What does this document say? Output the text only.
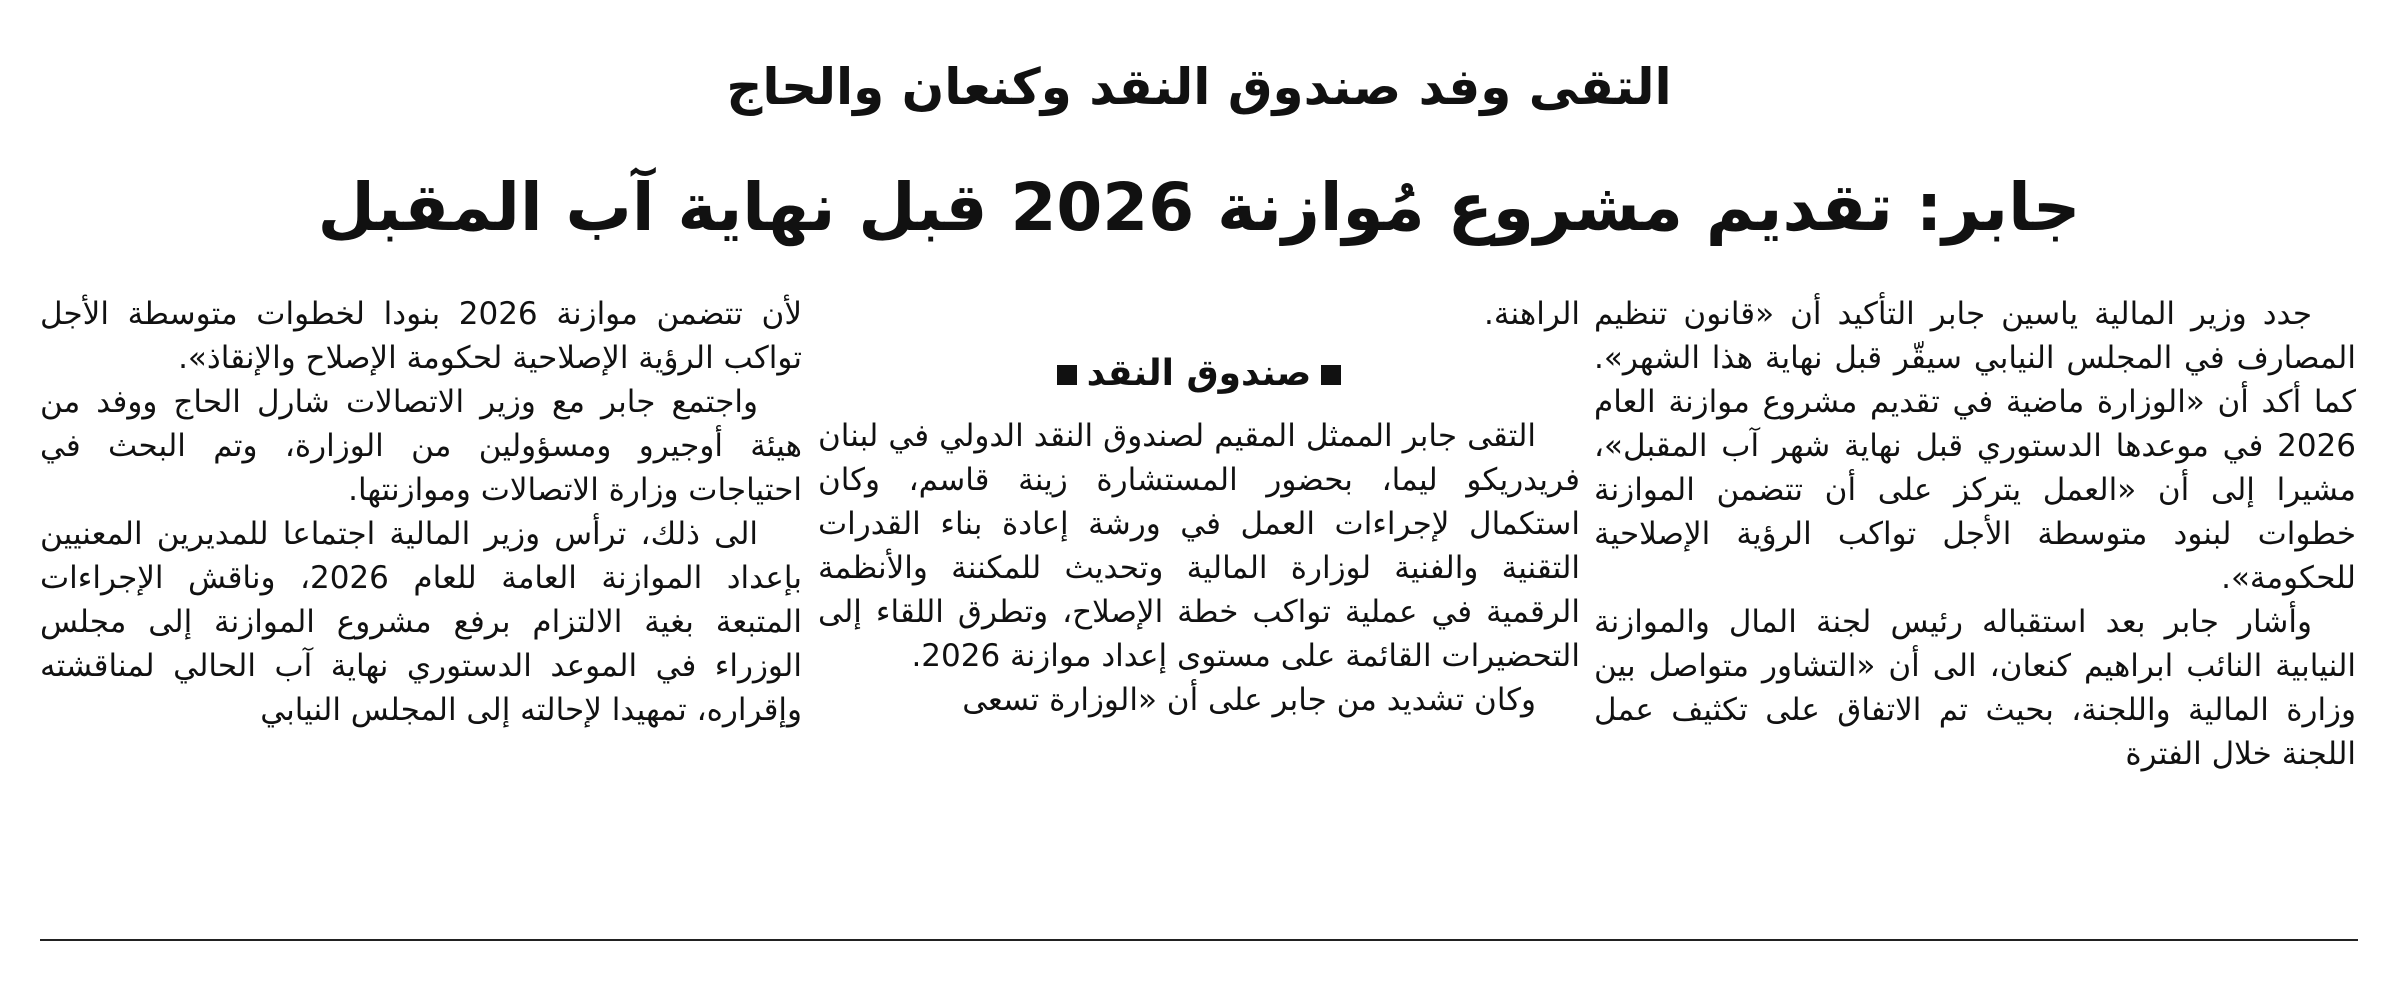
التقى وفد صندوق النقد وكنعان والحاج
جابر: تقديم مشروع مُوازنة 2026 قبل نهاية آب المقبل

جدد وزير المالية ياسين جابر التأكيد أن «قانون تنظيم المصارف في المجلس النيابي سيقّر قبل نهاية هذا الشهر». كما أكد أن «الوزارة ماضية في تقديم مشروع موازنة العام 2026 في موعدها الدستوري قبل نهاية شهر آب المقبل»، مشيرا إلى أن «العمل يتركز على أن تتضمن الموازنة خطوات لبنود متوسطة الأجل تواكب الرؤية الإصلاحية للحكومة».

وأشار جابر بعد استقباله رئيس لجنة المال والموازنة النيابية النائب ابراهيم كنعان، الى أن «التشاور متواصل بين وزارة المالية واللجنة، بحيث تم الاتفاق على تكثيف عمل اللجنة خلال الفترة

الراهنة.

صندوق النقد

التقى جابر الممثل المقيم لصندوق النقد الدولي في لبنان فريدريكو ليما، بحضور المستشارة زينة قاسم، وكان استكمال لإجراءات العمل في ورشة إعادة بناء القدرات التقنية والفنية لوزارة المالية وتحديث للمكننة والأنظمة الرقمية في عملية تواكب خطة الإصلاح، وتطرق اللقاء إلى التحضيرات القائمة على مستوى إعداد موازنة 2026.

وكان تشديد من جابر على أن «الوزارة تسعى

لأن تتضمن موازنة 2026 بنودا لخطوات متوسطة الأجل تواكب الرؤية الإصلاحية لحكومة الإصلاح والإنقاذ».

واجتمع جابر مع وزير الاتصالات شارل الحاج ووفد من هيئة أوجيرو ومسؤولين من الوزارة، وتم البحث في احتياجات وزارة الاتصالات وموازنتها.

الى ذلك، ترأس وزير المالية اجتماعا للمديرين المعنيين بإعداد الموازنة العامة للعام 2026، وناقش الإجراءات المتبعة بغية الالتزام برفع مشروع الموازنة إلى مجلس الوزراء في الموعد الدستوري نهاية آب الحالي لمناقشته وإقراره، تمهيدا لإحالته إلى المجلس النيابي
